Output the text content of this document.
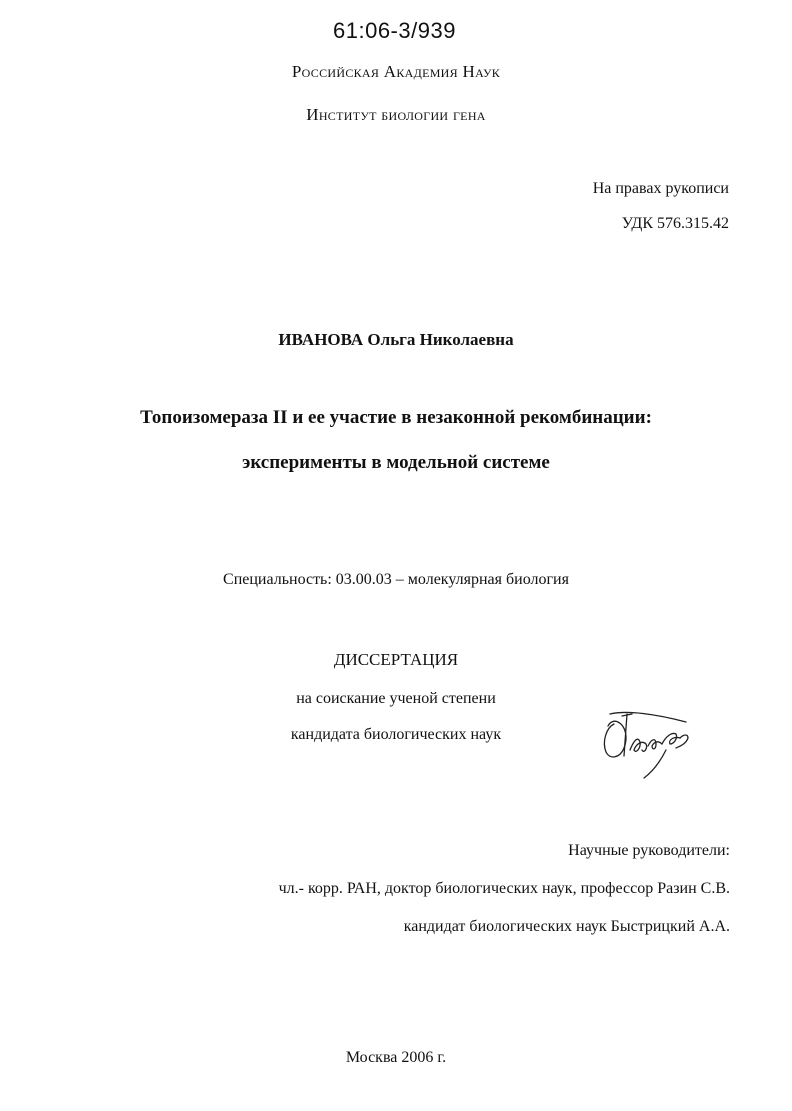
61:06-3/939
Российская Академия Наук
Институт биологии гена
На правах рукописи
УДК 576.315.42
ИВАНОВА Ольга Николаевна
Топоизомераза II и ее участие в незаконной рекомбинации:
эксперименты в модельной системе
Специальность: 03.00.03 – молекулярная биология
ДИССЕРТАЦИЯ
на соискание ученой степени
кандидата биологических наук
Научные руководители:
чл.- корр. РАН, доктор биологических наук, профессор Разин С.В.
кандидат биологических наук Быстрицкий А.А.
Москва 2006 г.
